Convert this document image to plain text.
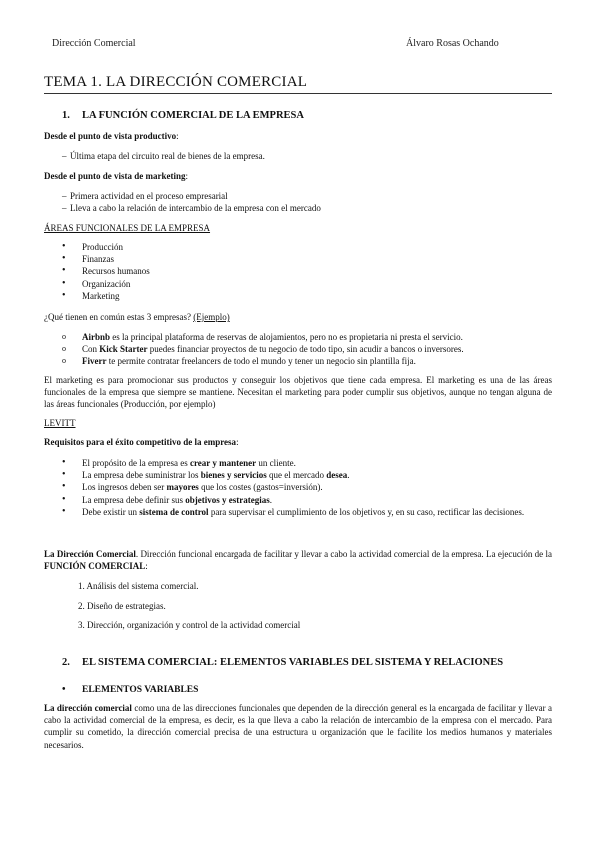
Dirección Comercial	Álvaro Rosas Ochando
TEMA 1. LA DIRECCIÓN COMERCIAL
1. LA FUNCIÓN COMERCIAL DE LA EMPRESA
Desde el punto de vista productivo:
– Última etapa del circuito real de bienes de la empresa.
Desde el punto de vista de marketing:
– Primera actividad en el proceso empresarial
– Lleva a cabo la relación de intercambio de la empresa con el mercado
ÁREAS FUNCIONALES DE LA EMPRESA
• Producción
• Finanzas
• Recursos humanos
• Organización
• Marketing
¿Qué tienen en común estas 3 empresas? (Ejemplo)
o Airbnb es la principal plataforma de reservas de alojamientos, pero no es propietaria ni presta el servicio.
o Con Kick Starter puedes financiar proyectos de tu negocio de todo tipo, sin acudir a bancos o inversores.
o Fiverr te permite contratar freelancers de todo el mundo y tener un negocio sin plantilla fija.
El marketing es para promocionar sus productos y conseguir los objetivos que tiene cada empresa. El marketing es una de las áreas funcionales de la empresa que siempre se mantiene. Necesitan el marketing para poder cumplir sus objetivos, aunque no tengan alguna de las áreas funcionales (Producción, por ejemplo)
LEVITT
Requisitos para el éxito competitivo de la empresa:
• El propósito de la empresa es crear y mantener un cliente.
• La empresa debe suministrar los bienes y servicios que el mercado desea.
• Los ingresos deben ser mayores que los costes (gastos=inversión).
• La empresa debe definir sus objetivos y estrategias.
• Debe existir un sistema de control para supervisar el cumplimiento de los objetivos y, en su caso, rectificar las decisiones.
La Dirección Comercial. Dirección funcional encargada de facilitar y llevar a cabo la actividad comercial de la empresa. La ejecución de la FUNCIÓN COMERCIAL:
1. Análisis del sistema comercial.
2. Diseño de estrategias.
3. Dirección, organización y control de la actividad comercial
2. EL SISTEMA COMERCIAL: ELEMENTOS VARIABLES DEL SISTEMA Y RELACIONES
• ELEMENTOS VARIABLES
La dirección comercial como una de las direcciones funcionales que dependen de la dirección general es la encargada de facilitar y llevar a cabo la actividad comercial de la empresa, es decir, es la que lleva a cabo la relación de intercambio de la empresa con el mercado. Para cumplir su cometido, la dirección comercial precisa de una estructura u organización que le facilite los medios humanos y materiales necesarios.
